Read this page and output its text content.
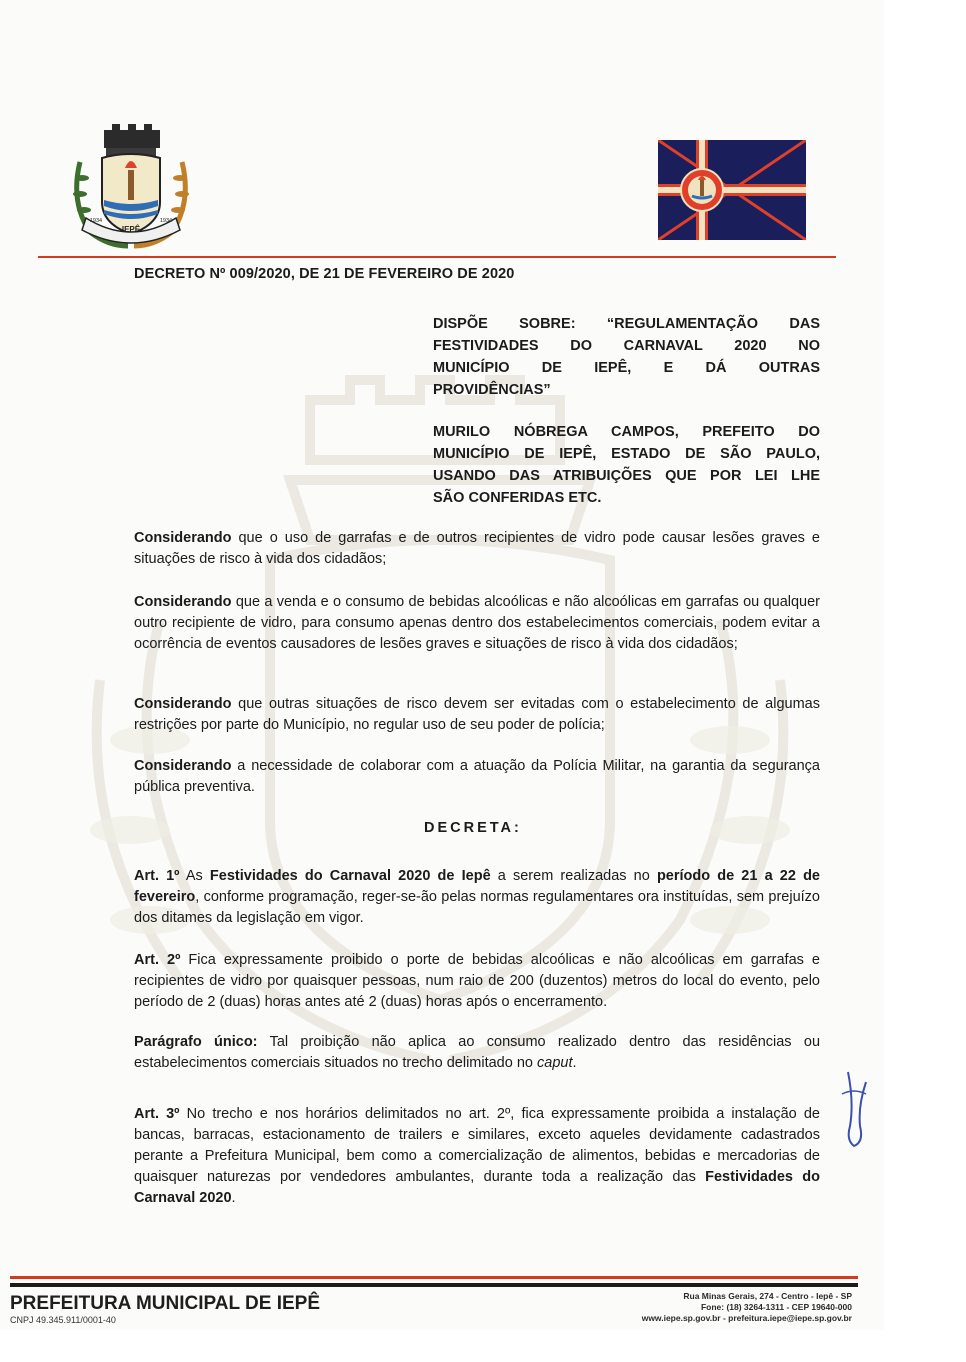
IEPÊ
1934	1934
DECRETO Nº 009/2020, DE 21 DE FEVEREIRO DE 2020
DISPÕE SOBRE: “REGULAMENTAÇÃO DAS
FESTIVIDADES DO CARNAVAL 2020 NO
MUNICÍPIO DE IEPÊ, E DÁ OUTRAS
PROVIDÊNCIAS”
MURILO NÓBREGA CAMPOS, PREFEITO DO
MUNICÍPIO DE IEPÊ, ESTADO DE SÃO PAULO,
USANDO DAS ATRIBUIÇÕES QUE POR LEI LHE
SÃO CONFERIDAS ETC.
Considerando que o uso de garrafas e de outros recipientes de vidro pode causar lesões graves e situações de risco à vida dos cidadãos;
Considerando que a venda e o consumo de bebidas alcoólicas e não alcoólicas em garrafas ou qualquer outro recipiente de vidro, para consumo apenas dentro dos estabelecimentos comerciais, podem evitar a ocorrência de eventos causadores de lesões graves e situações de risco à vida dos cidadãos;
Considerando que outras situações de risco devem ser evitadas com o estabelecimento de algumas restrições por parte do Município, no regular uso de seu poder de polícia;
Considerando a necessidade de colaborar com a atuação da Polícia Militar, na garantia da segurança pública preventiva.
DECRETA:
Art. 1º As Festividades do Carnaval 2020 de Iepê a serem realizadas no período de 21 a 22 de fevereiro, conforme programação, reger-se-ão pelas normas regulamentares ora instituídas, sem prejuízo dos ditames da legislação em vigor.
Art. 2º Fica expressamente proibido o porte de bebidas alcoólicas e não alcoólicas em garrafas e recipientes de vidro por quaisquer pessoas, num raio de 200 (duzentos) metros do local do evento, pelo período de 2 (duas) horas antes até 2 (duas) horas após o encerramento.
Parágrafo único: Tal proibição não aplica ao consumo realizado dentro das residências ou estabelecimentos comerciais situados no trecho delimitado no caput.
Art. 3º No trecho e nos horários delimitados no art. 2º, fica expressamente proibida a instalação de bancas, barracas, estacionamento de trailers e similares, exceto aqueles devidamente cadastrados perante a Prefeitura Municipal, bem como a comercialização de alimentos, bebidas e mercadorias de quaisquer naturezas por vendedores ambulantes, durante toda a realização das Festividades do Carnaval 2020.
PREFEITURA MUNICIPAL DE IEPÊ
CNPJ 49.345.911/0001-40
Rua Minas Gerais, 274 - Centro - Iepê - SP
Fone: (18) 3264-1311 - CEP 19640-000
www.iepe.sp.gov.br - prefeitura.iepe@iepe.sp.gov.br
